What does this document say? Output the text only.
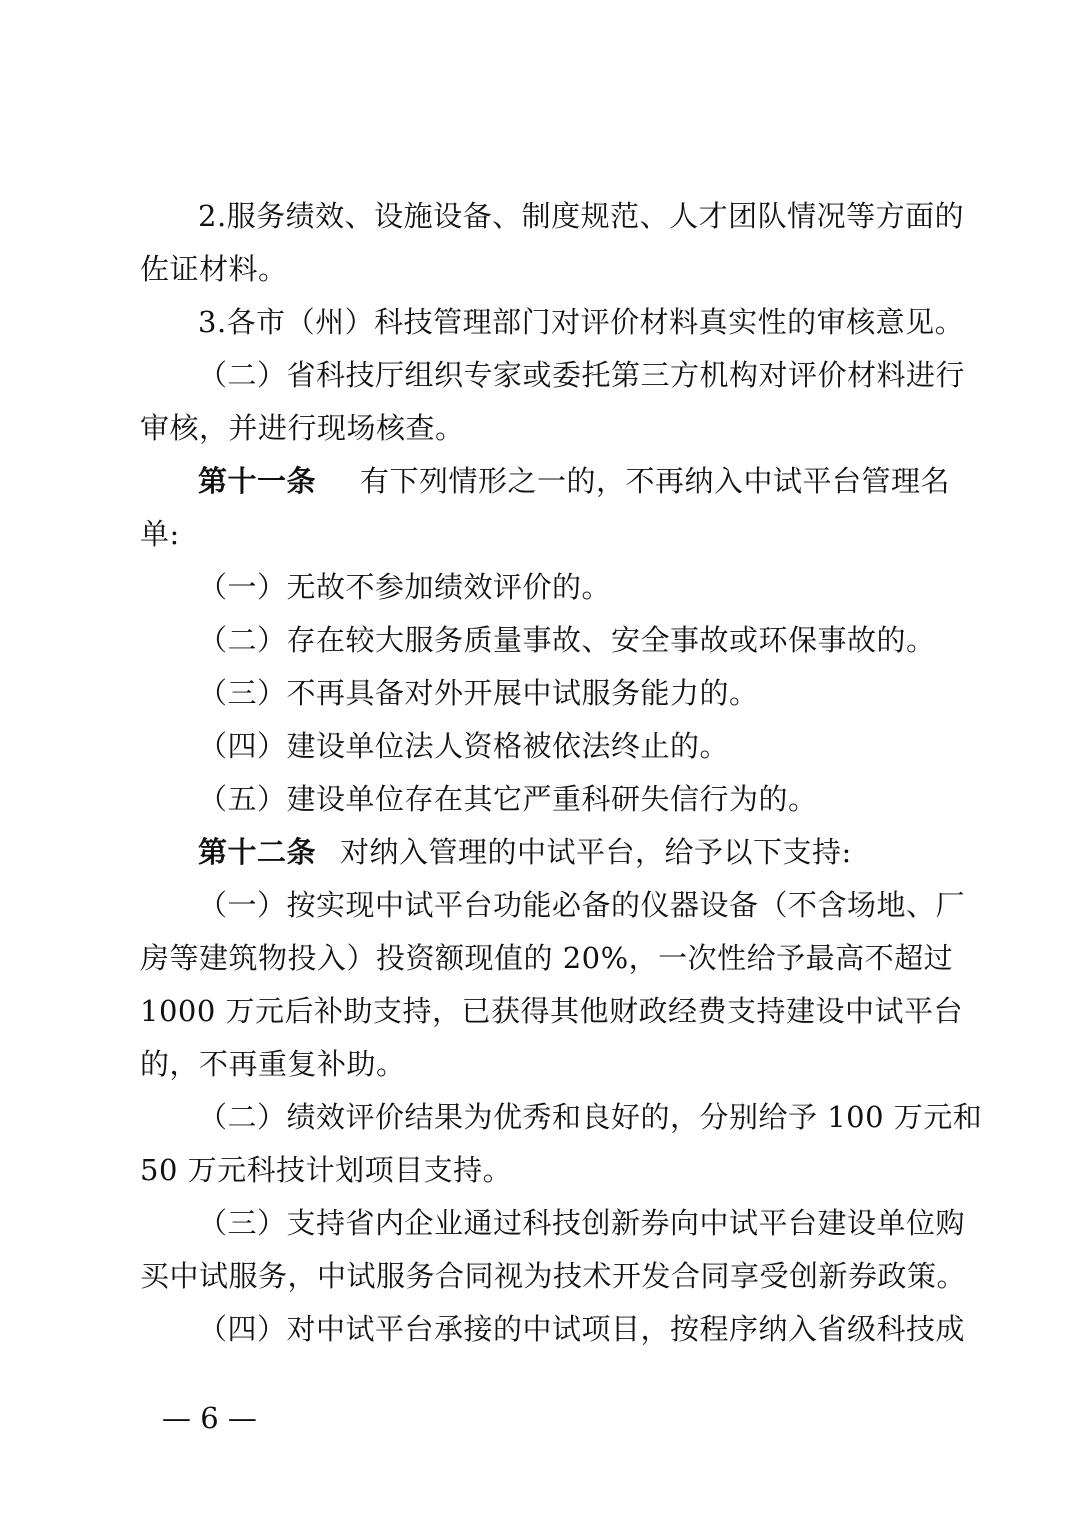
2.服务绩效、设施设备、制度规范、人才团队情况等方面的
佐证材料。
3.各市（州）科技管理部门对评价材料真实性的审核意见。
（二）省科技厅组织专家或委托第三方机构对评价材料进行
审核，并进行现场核查。
第十一条 有下列情形之一的，不再纳入中试平台管理名
单:
（一）无故不参加绩效评价的。
（二）存在较大服务质量事故、安全事故或环保事故的。
（三）不再具备对外开展中试服务能力的。
（四）建设单位法人资格被依法终止的。
（五）建设单位存在其它严重科研失信行为的。
第十二条 对纳入管理的中试平台，给予以下支持:
（一）按实现中试平台功能必备的仪器设备（不含场地、厂
房等建筑物投入）投资额现值的 20%，一次性给予最高不超过
1000 万元后补助支持，已获得其他财政经费支持建设中试平台
的，不再重复补助。
（二）绩效评价结果为优秀和良好的，分别给予 100 万元和
50 万元科技计划项目支持。
（三）支持省内企业通过科技创新券向中试平台建设单位购
买中试服务，中试服务合同视为技术开发合同享受创新券政策。
（四）对中试平台承接的中试项目，按程序纳入省级科技成
— 6 —
